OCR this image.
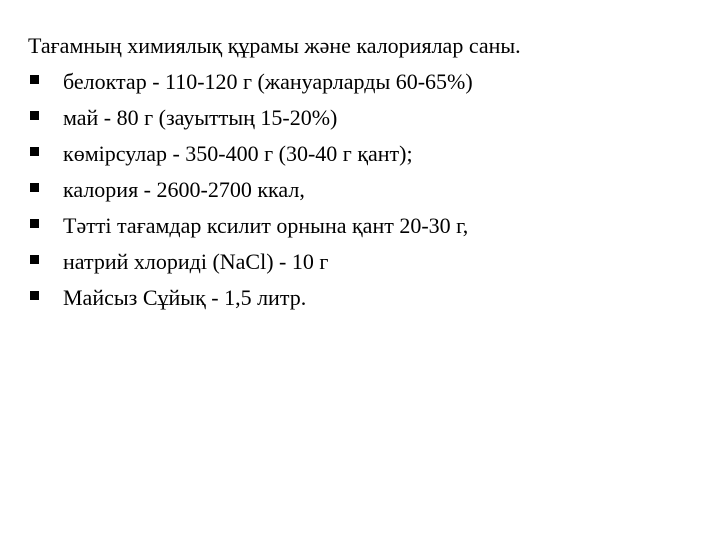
Тағамның химиялық құрамы және калориялар саны.
белоктар - 110-120 г (жануарларды 60-65%)
май - 80 г (зауыттың 15-20%)
көмірсулар - 350-400 г (30-40 г қант);
калория - 2600-2700 ккал,
Тәтті тағамдар ксилит орнына қант 20-30 г,
натрий хлориді (NaCl) - 10 г
Майсыз Сұйық - 1,5 литр.
